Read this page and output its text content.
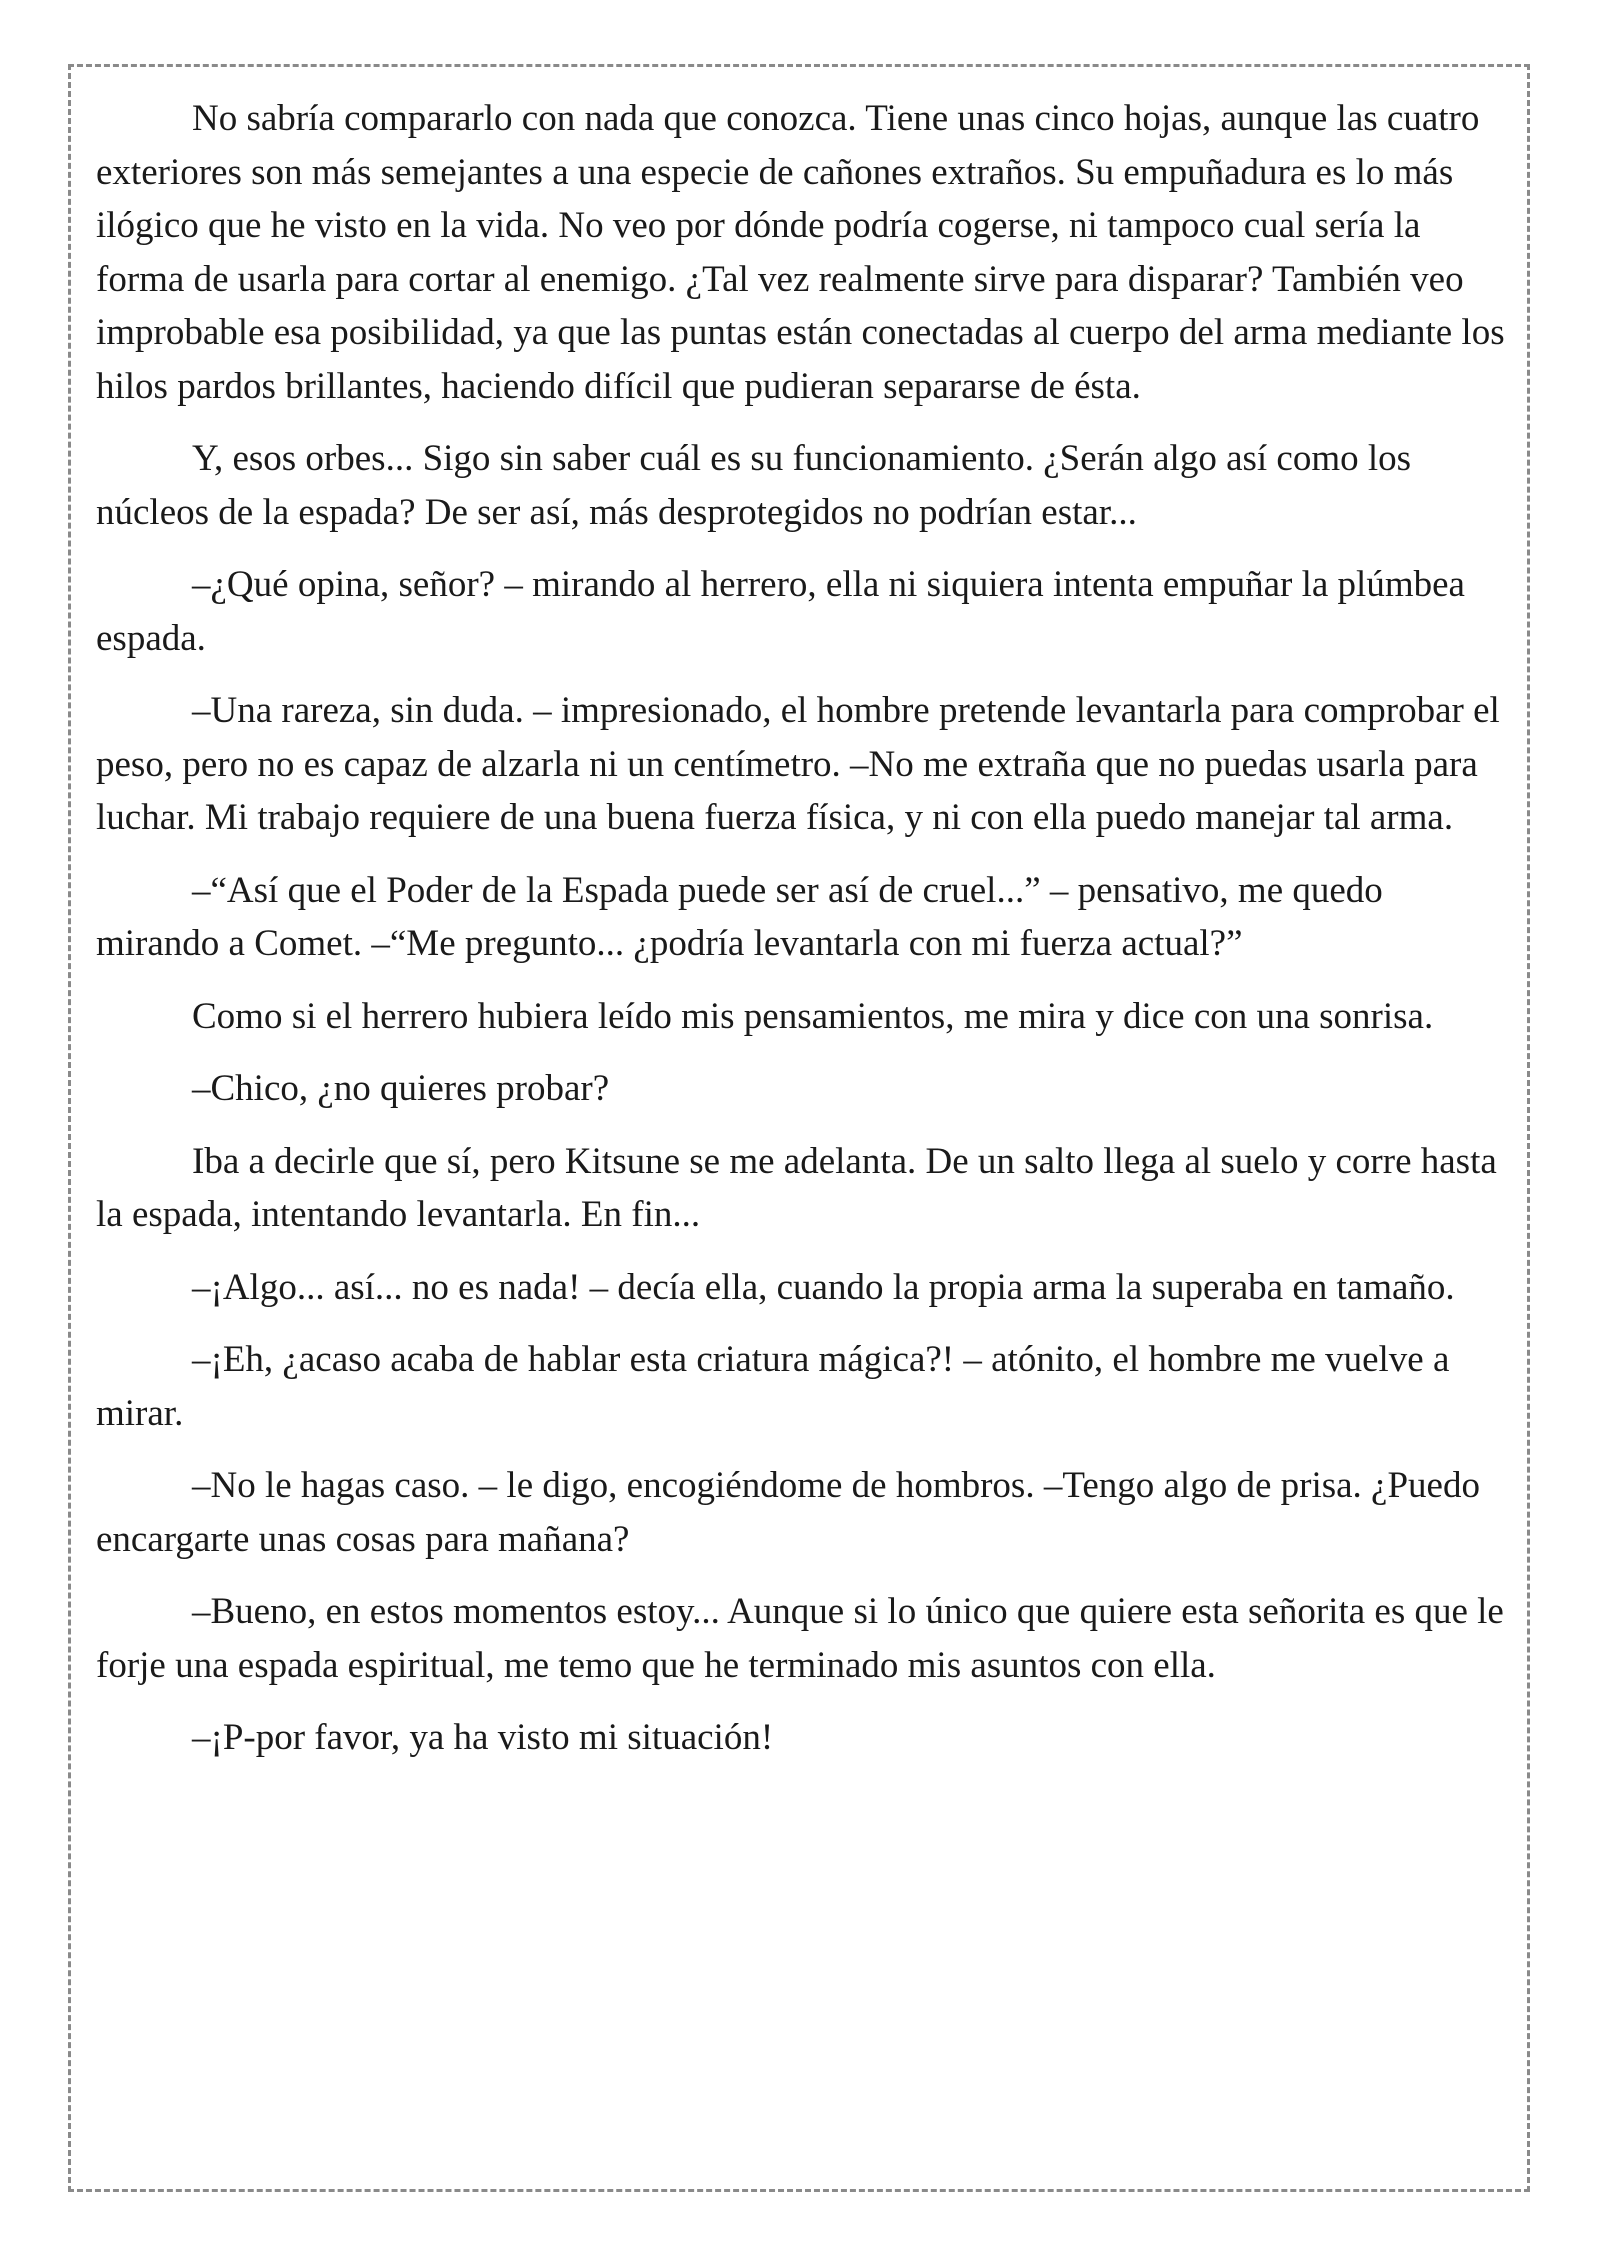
No sabría compararlo con nada que conozca. Tiene unas cinco hojas, aunque las cuatro exteriores son más semejantes a una especie de cañones extraños. Su empuñadura es lo más ilógico que he visto en la vida. No veo por dónde podría cogerse, ni tampoco cual sería la forma de usarla para cortar al enemigo. ¿Tal vez realmente sirve para disparar? También veo improbable esa posibilidad, ya que las puntas están conectadas al cuerpo del arma mediante los hilos pardos brillantes, haciendo difícil que pudieran separarse de ésta.

Y, esos orbes... Sigo sin saber cuál es su funcionamiento. ¿Serán algo así como los núcleos de la espada? De ser así, más desprotegidos no podrían estar...

–¿Qué opina, señor? – mirando al herrero, ella ni siquiera intenta empuñar la plúmbea espada.

–Una rareza, sin duda. – impresionado, el hombre pretende levantarla para comprobar el peso, pero no es capaz de alzarla ni un centímetro. –No me extraña que no puedas usarla para luchar. Mi trabajo requiere de una buena fuerza física, y ni con ella puedo manejar tal arma.

–“Así que el Poder de la Espada puede ser así de cruel...” – pensativo, me quedo mirando a Comet. –“Me pregunto... ¿podría levantarla con mi fuerza actual?”

Como si el herrero hubiera leído mis pensamientos, me mira y dice con una sonrisa.

–Chico, ¿no quieres probar?

Iba a decirle que sí, pero Kitsune se me adelanta. De un salto llega al suelo y corre hasta la espada, intentando levantarla. En fin...

–¡Algo... así... no es nada! – decía ella, cuando la propia arma la superaba en tamaño.

–¡Eh, ¿acaso acaba de hablar esta criatura mágica?! – atónito, el hombre me vuelve a mirar.

–No le hagas caso. – le digo, encogiéndome de hombros. –Tengo algo de prisa. ¿Puedo encargarte unas cosas para mañana?

–Bueno, en estos momentos estoy... Aunque si lo único que quiere esta señorita es que le forje una espada espiritual, me temo que he terminado mis asuntos con ella.

–¡P-por favor, ya ha visto mi situación!
